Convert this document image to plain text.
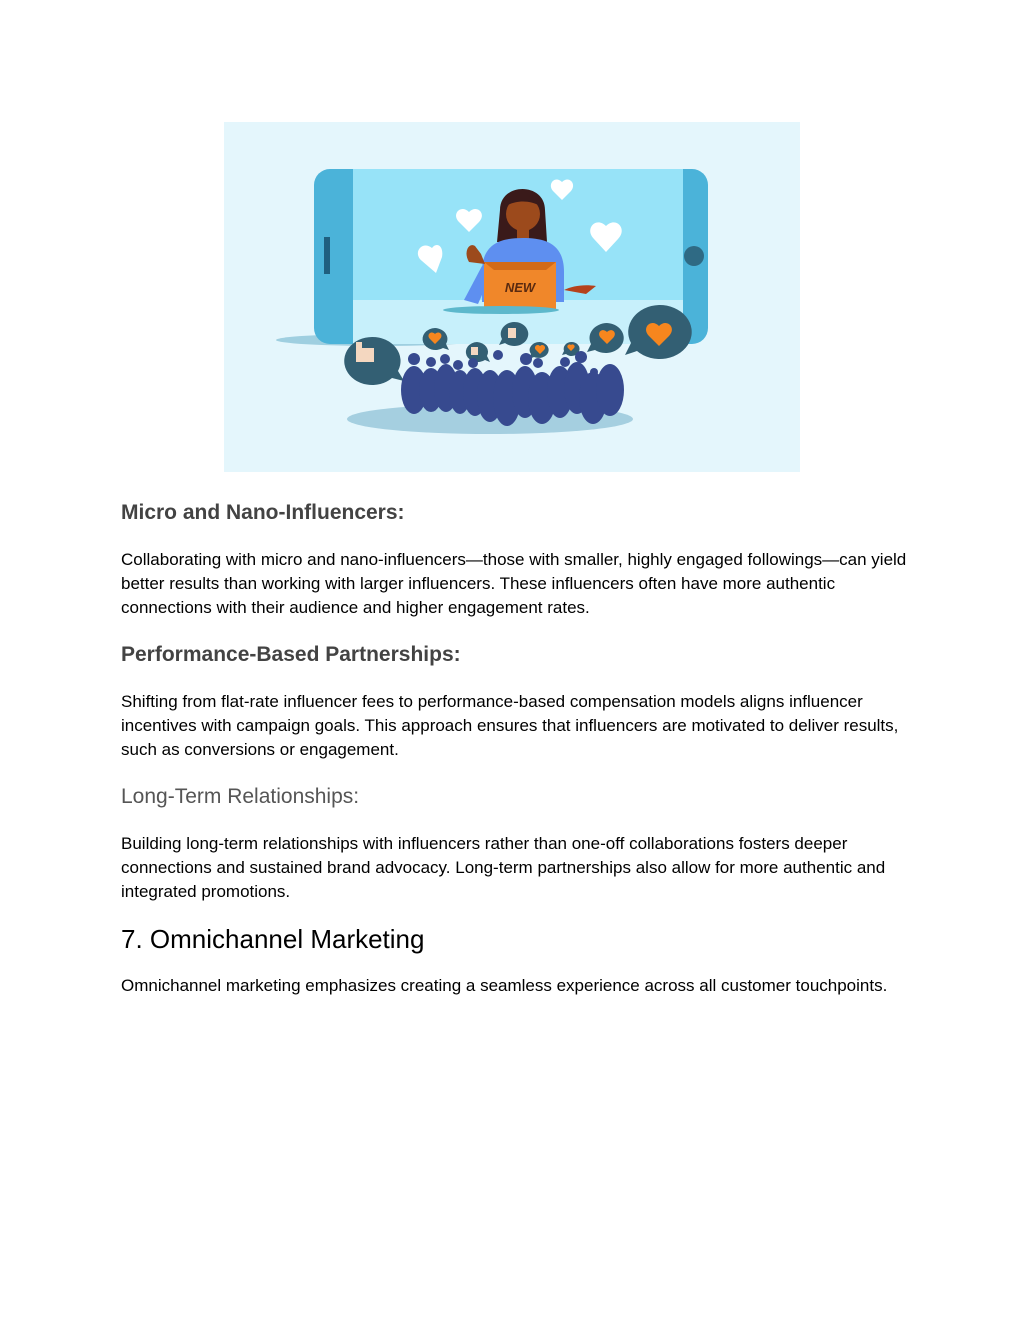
NEW
Micro and Nano-Influencers:

Collaborating with micro and nano-influencers—those with smaller, highly engaged followings—can yield better results than working with larger influencers. These influencers often have more authentic connections with their audience and higher engagement rates.

Performance-Based Partnerships:

Shifting from flat-rate influencer fees to performance-based compensation models aligns influencer incentives with campaign goals. This approach ensures that influencers are motivated to deliver results, such as conversions or engagement.

Long-Term Relationships:

Building long-term relationships with influencers rather than one-off collaborations fosters deeper connections and sustained brand advocacy. Long-term partnerships also allow for more authentic and integrated promotions.

7. Omnichannel Marketing

Omnichannel marketing emphasizes creating a seamless experience across all customer touchpoints.
